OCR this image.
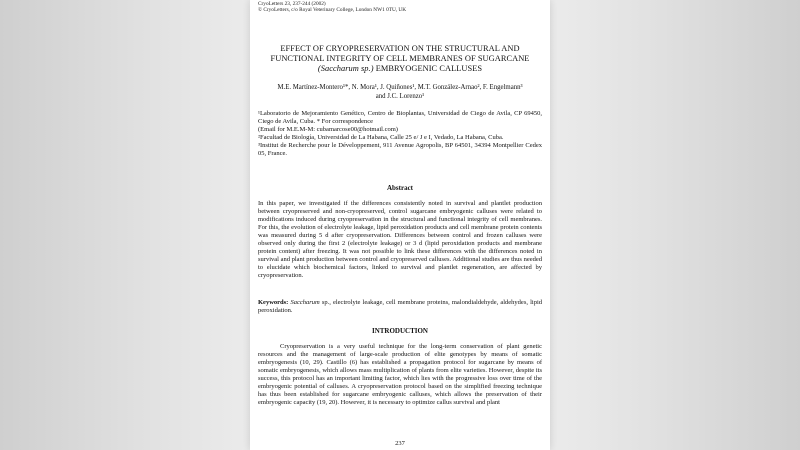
CryoLetters 23, 237-244 (2002)
© CryoLetters, c/o Royal Veterinary College, London NW1 0TU, UK
EFFECT OF CRYOPRESERVATION ON THE STRUCTURAL AND
FUNCTIONAL INTEGRITY OF CELL MEMBRANES OF SUGARCANE
(Saccharum sp.) EMBRYOGENIC CALLUSES
M.E. Martínez-Montero¹*, N. Mora¹, J. Quiñones¹, M.T. González-Arnao², F. Engelmann³
and J.C. Lorenzo¹

¹Laboratorio de Mejoramiento Genético, Centro de Bioplantas, Universidad de Ciego de Avila, CP 69450, Ciego de Avila, Cuba. * For correspondence

(Email for M.E.M-M: cubamarcose00@hotmail.com)

²Facultad de Biología, Universidad de La Habana, Calle 25 e/ J e I, Vedado, La Habana, Cuba.

³Institut de Recherche pour le Développement, 911 Avenue Agropolis, BP 64501, 34394 Montpellier Cedex 05, France.

Abstract

In this paper, we investigated if the differences consistently noted in survival and plantlet production between cryopreserved and non-cryopreserved, control sugarcane embryogenic calluses were related to modifications induced during cryopreservation in the structural and functional integrity of cell membranes. For this, the evolution of electrolyte leakage, lipid peroxidation products and cell membrane protein contents was measured during 5 d after cryopreservation. Differences between control and frozen calluses were observed only during the first 2 (electrolyte leakage) or 3 d (lipid peroxidation products and membrane protein content) after freezing. It was not possible to link these differences with the differences noted in survival and plant production between control and cryopreserved calluses. Additional studies are thus needed to elucidate which biochemical factors, linked to survival and plantlet regeneration, are affected by cryopreservation.

Keywords: Saccharum sp., electrolyte leakage, cell membrane proteins, malondialdehyde, aldehydes, lipid peroxidation.

INTRODUCTION

Cryopreservation is a very useful technique for the long-term conservation of plant genetic resources and the management of large-scale production of elite genotypes by means of somatic embryogenesis (10, 29). Castillo (6) has established a propagation protocol for sugarcane by means of somatic embryogenesis, which allows mass multiplication of plants from elite varieties. However, despite its success, this protocol has an important limiting factor, which lies with the progressive loss over time of the embryogenic potential of calluses. A cryopreservation protocol based on the simplified freezing technique has thus been established for sugarcane embryogenic calluses, which allows the preservation of their embryogenic capacity (19, 20). However, it is necessary to optimize callus survival and plant

237
